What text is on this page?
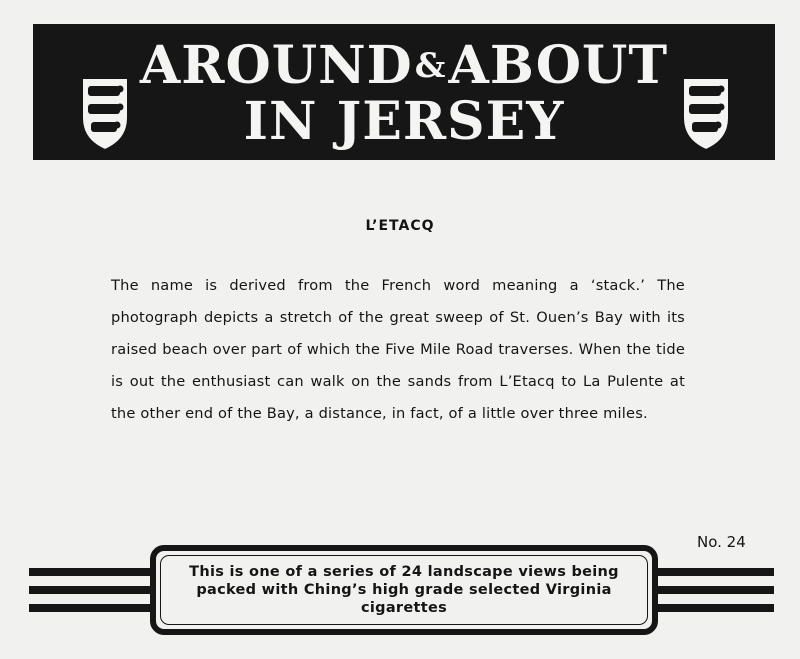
AROUND&ABOUT
IN JERSEY
L’ETACQ
The name is derived from the French word meaning a ‘stack.’ The photograph depicts a stretch of the great sweep of St. Ouen’s Bay with its raised beach over part of which the Five Mile Road traverses. When the tide is out the enthusiast can walk on the sands from L’Etacq to La Pulente at the other end of the Bay, a distance, in fact, of a little over three miles.
No. 24
This is one of a series of 24 landscape views being
packed with Ching’s high grade selected Virginia
cigarettes
